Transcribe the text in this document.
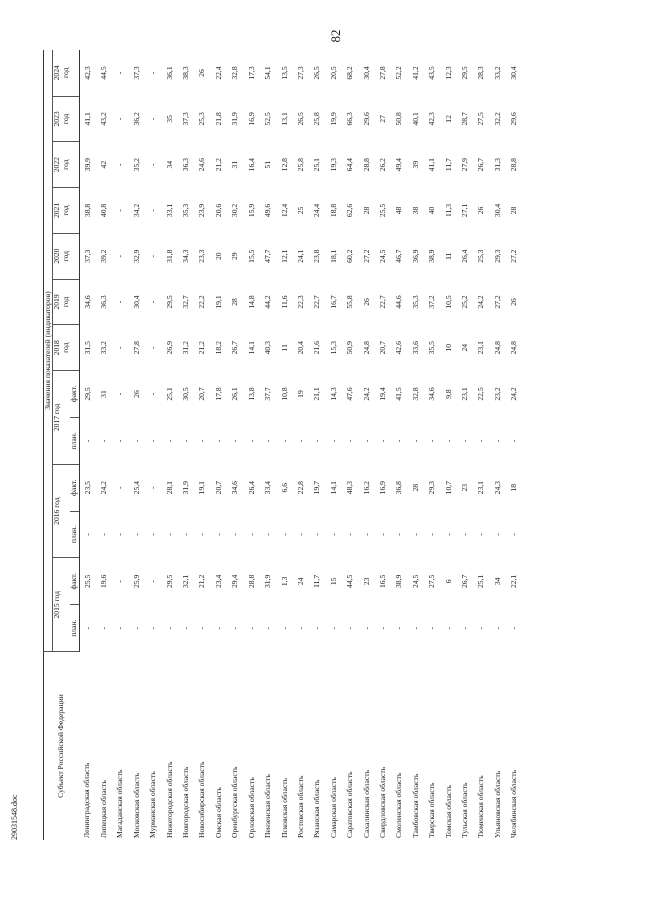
82
Субъект Российской Федерации	Значения показателей (индикаторов)												
	2015 год		2016 год		2017 год		2018	2019	2020	2021	2022	2023	2024
							год	год	год	год	год	год	год
	план.	факт.	план.	факт.	план.	факт.							
Ленинградская область	-	25,5	-	23,5	-	29,5	31,5	34,6	37,3	38,8	39,9	41,1	42,3
Липецкая область	-	19,6	-	24,2	-	31	33,2	36,3	39,2	40,8	42	43,2	44,5
Магаданская область	-	-	-	-	-	-	-	-	-	-	-	-	-
Московская область	-	25,9	-	25,4	-	26	27,8	30,4	32,9	34,2	35,2	36,2	37,3
Мурманская область	-	-	-	-	-	-	-	-	-	-	-	-	-
Нижегородская область	-	29,5	-	28,1	-	25,1	26,9	29,5	31,8	33,1	34	35	36,1
Новгородская область	-	32,1	-	31,9	-	30,5	31,2	32,7	34,3	35,3	36,3	37,3	38,3
Новосибирская область	-	21,2	-	19,1	-	20,7	21,2	22,2	23,3	23,9	24,6	25,3	26
Омская область	-	23,4	-	20,7	-	17,8	18,2	19,1	20	20,6	21,2	21,8	22,4
Оренбургская область	-	29,4	-	34,6	-	26,1	26,7	28	29	30,2	31	31,9	32,8
Орловская область	-	28,8	-	26,4	-	13,8	14,1	14,8	15,5	15,9	16,4	16,9	17,3
Пензенская область	-	31,9	-	33,4	-	37,7	40,3	44,2	47,7	49,6	51	52,5	54,1
Псковская область	-	1,3	-	6,6	-	10,8	11	11,6	12,1	12,4	12,8	13,1	13,5
Ростовская область	-	24	-	22,8	-	19	20,4	22,3	24,1	25	25,8	26,5	27,3
Рязанская область	-	11,7	-	19,7	-	21,1	21,6	22,7	23,8	24,4	25,1	25,8	26,5
Самарская область	-	15	-	14,1	-	14,3	15,3	16,7	18,1	18,8	19,3	19,9	20,5
Саратовская область	-	44,5	-	48,3	-	47,6	50,9	55,8	60,2	62,6	64,4	66,3	68,2
Сахалинская область	-	23	-	16,2	-	24,2	24,8	26	27,2	28	28,8	29,6	30,4
Свердловская область	-	16,5	-	16,9	-	19,4	20,7	22,7	24,5	25,5	26,2	27	27,8
Смоленская область	-	38,9	-	36,8	-	41,5	42,6	44,6	46,7	48	49,4	50,8	52,2
Тамбовская область	-	24,5	-	28	-	32,8	33,6	35,3	36,9	38	39	40,1	41,2
Тверская область	-	27,5	-	29,3	-	34,6	35,5	37,2	38,9	40	41,1	42,3	43,5
Томская область	-	6	-	10,7	-	9,8	10	10,5	11	11,3	11,7	12	12,3
Тульская область	-	26,7	-	23	-	23,1	24	25,2	26,4	27,1	27,9	28,7	29,5
Тюменская область	-	25,1	-	23,1	-	22,5	23,1	24,2	25,3	26	26,7	27,5	28,3
Ульяновская область	-	34	-	24,3	-	23,2	24,8	27,2	29,3	30,4	31,3	32,2	33,2
Челябинская область	-	22,1	-	18	-	24,2	24,8	26	27,2	28	28,8	29,6	30,4
29031548.doc
